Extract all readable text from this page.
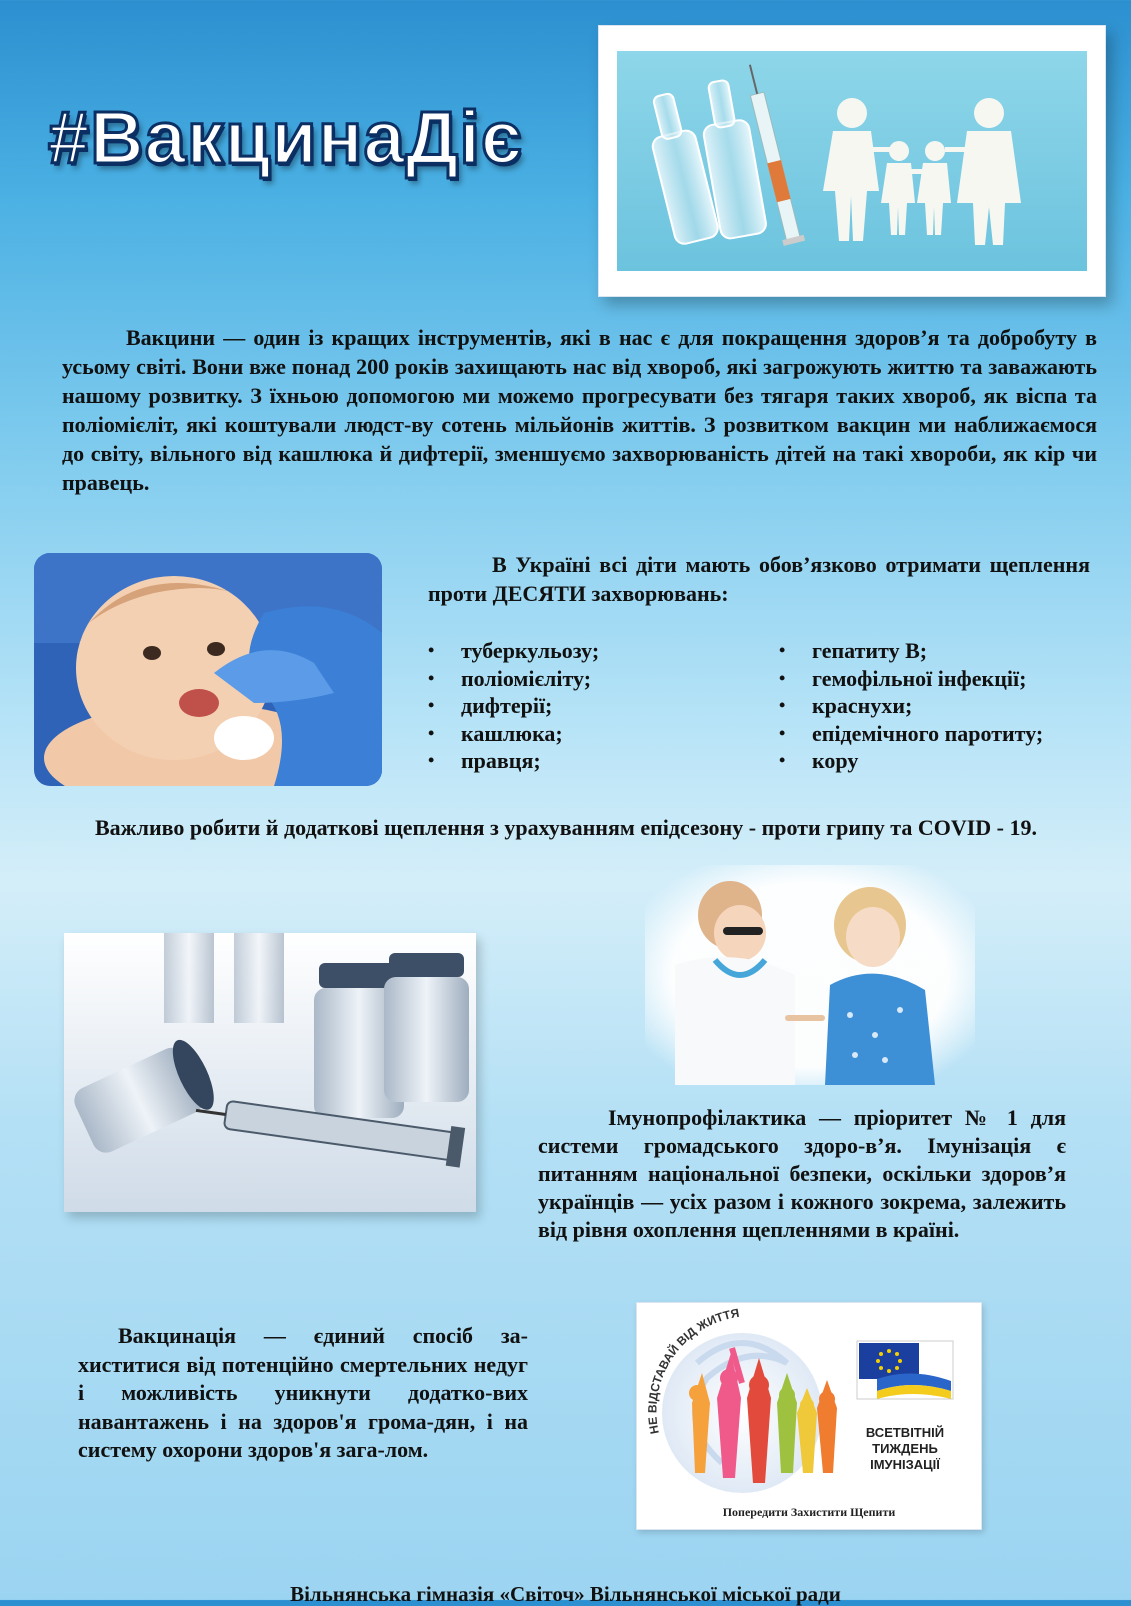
#ВакцинаДіє

Вакцини — один із кращих інструментів, які в нас є для покращення здоров’я та добробуту в усьому світі. Вони вже понад 200 років захищають нас від хвороб, які загрожують життю та заважають нашому розвитку. З їхньою допомогою ми можемо прогресувати без тягаря таких хвороб, як віспа та поліомієліт, які коштували людст-ву сотень мільйонів життів. З розвитком вакцин ми наближаємося до світу, вільного від кашлюка й дифтерії, зменшуємо захворюваність дітей на такі хвороби, як кір чи правець.

В Україні всі діти мають обов’язково отримати щеплення проти ДЕСЯТИ захворювань:

• туберкульозу;
• поліомієліту;
• дифтерії;
• кашлюка;
• правця;
• гепатиту В;
• гемофільної інфекції;
• краснухи;
• епідемічного паротиту;
• кору

Важливо робити й додаткові щеплення з урахуванням епідсезону - проти грипу та COVID - 19.

Імунопрофілактика — пріоритет № 1 для системи громадського здоро-в’я. Імунізація є питанням національної безпеки, оскільки здоров’я українців — усіх разом і кожного зокрема, залежить від рівня охоплення щепленнями в країні.

Вакцинація — єдиний спосіб за-хиститися від потенційно смертельних недуг і можливість уникнути додатко-вих навантажень і на здоров'я грома-дян, і на систему охорони здоров'я загa-лом.

НЕ ВІДСТАВАЙ ВІД ЖИТТЯ
ВСЕТВІТНІЙ
ТИЖДЕНЬ
ІМУНІЗАЦІЇ
Попередити Захистити Щепити
Вільнянська гімназія «Світоч» Вільнянської міської ради
